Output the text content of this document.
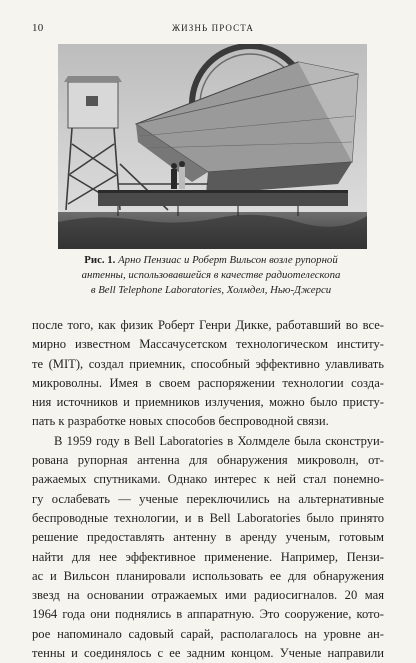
10	ЖИЗНЬ ПРОСТА
Рис. 1. Арно Пензиас и Роберт Вильсон возле рупорной
антенны, использовавшейся в качестве радиотелескопа
в Bell Telephone Laboratories, Холмдел, Нью-Джерси
после того, как физик Роберт Генри Дикке, работавший во все-
мирно известном Массачусетском технологическом институ-
те (МIТ), создал приемник, способный эффективно улавливать
микроволны. Имея в своем распоряжении технологии созда-
ния источников и приемников излучения, можно было присту-
пать к разработке новых способов беспроводной связи.
В 1959 году в Bell Laboratories в Холмделе была сконструи-
рована рупорная антенна для обнаружения микроволн, от-
ражаемых спутниками. Однако интерес к ней стал понемно-
гу ослабевать — ученые переключились на альтернативные
беспроводные технологии, и в Bell Laboratories было принято
решение предоставлять антенну в аренду ученым, готовым
найти для нее эффективное применение. Например, Пензи-
ас и Вильсон планировали использовать ее для обнаружения
звезд на основании отражаемых ими радиосигналов. 20 мая
1964 года они поднялись в аппаратную. Это сооружение, кото-
рое напоминало садовый сарай, располагалось на уровне ан-
тенны и соединялось с ее задним концом. Ученые направили
